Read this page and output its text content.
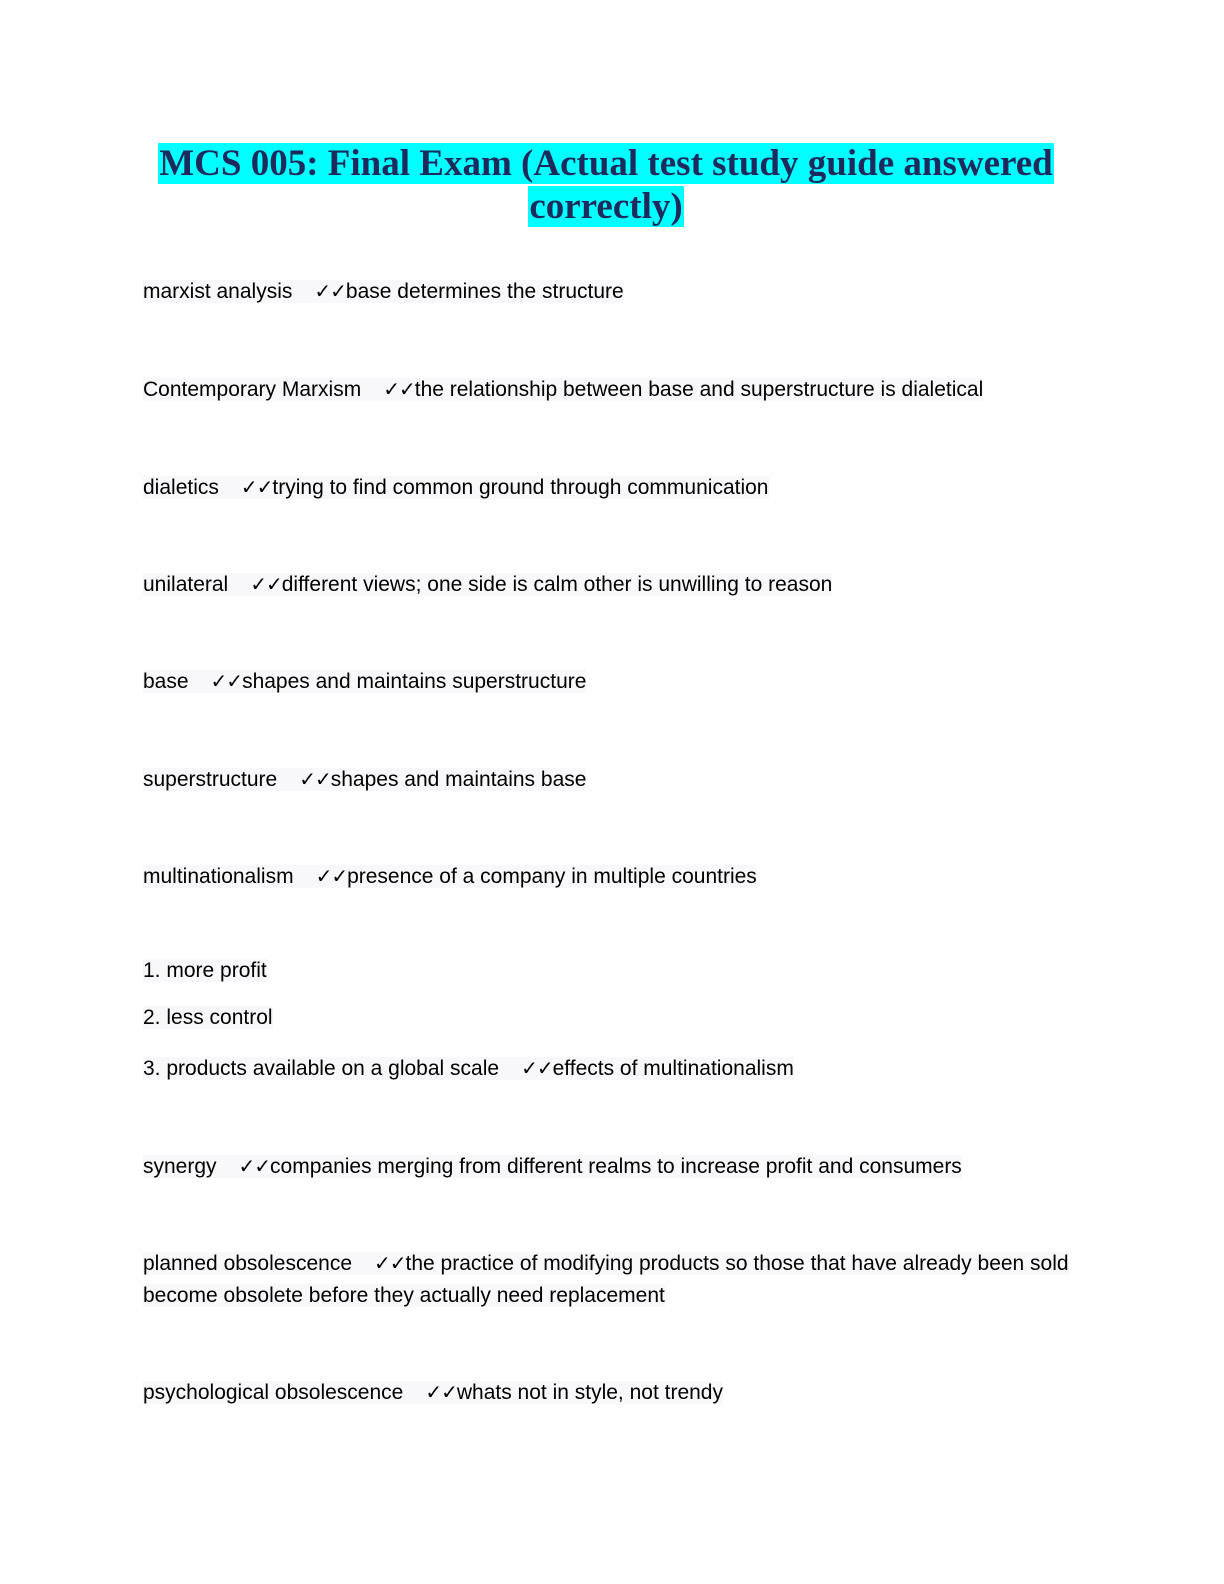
MCS 005: Final Exam (Actual test study guide answered correctly)

marxist analysis ✓✓base determines the structure

Contemporary Marxism ✓✓the relationship between base and superstructure is dialetical

dialetics ✓✓trying to find common ground through communication

unilateral ✓✓different views; one side is calm other is unwilling to reason

base ✓✓shapes and maintains superstructure

superstructure ✓✓shapes and maintains base

multinationalism ✓✓presence of a company in multiple countries

1. more profit

2. less control

3. products available on a global scale ✓✓effects of multinationalism

synergy ✓✓companies merging from different realms to increase profit and consumers

planned obsolescence ✓✓the practice of modifying products so those that have already been sold become obsolete before they actually need replacement

psychological obsolescence ✓✓whats not in style, not trendy
